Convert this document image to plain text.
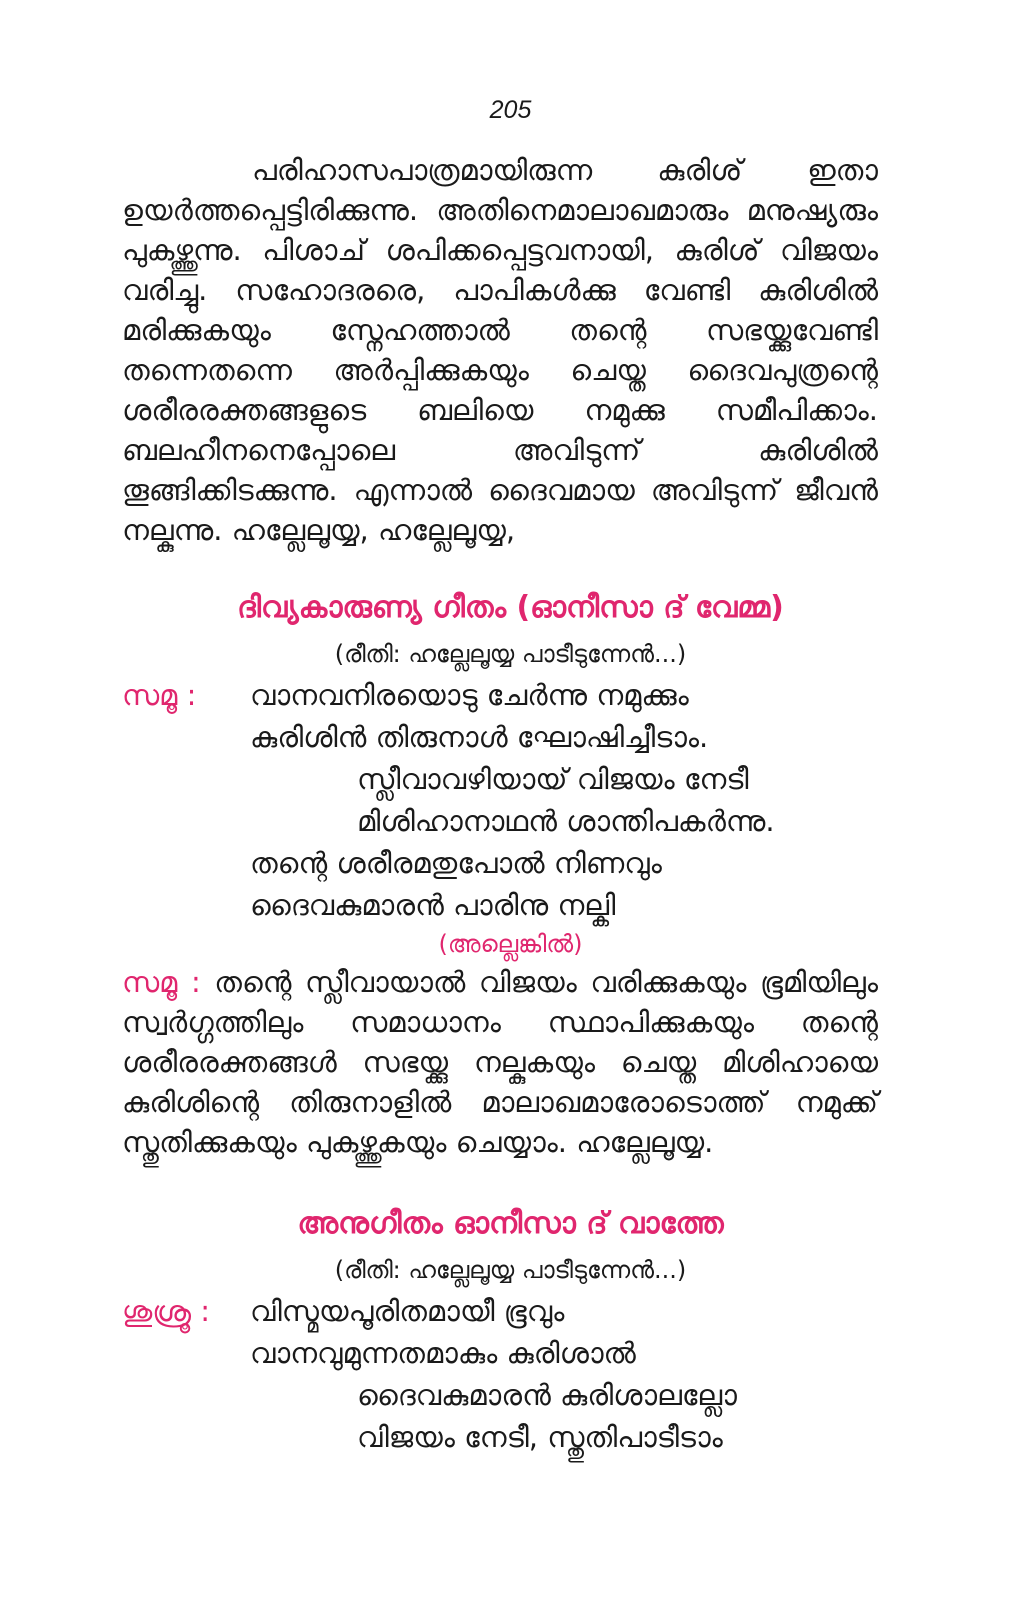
205
പരിഹാസപാത്രമായിരുന്ന കുരിശ് ഇതാ ഉയർത്തപ്പെട്ടിരിക്കുന്നു. അതിനെമാലാഖമാരും മനുഷ്യരും പുകഴ്ത്തുന്നു. പിശാച് ശപിക്കപ്പെട്ടവനായി, കുരിശ് വിജയം വരിച്ചു. സഹോദരരെ, പാപികൾക്കു വേണ്ടി കുരിശിൽ മരിക്കുകയും സ്നേഹത്താൽ തന്റെ സഭയ്ക്കുവേണ്ടി തന്നെതന്നെ അർപ്പിക്കുകയും ചെയ്ത ദൈവപുത്രന്റെ ശരീരരക്തങ്ങളുടെ ബലിയെ നമുക്കു സമീപിക്കാം. ബലഹീനനെപ്പോലെ അവിടുന്ന് കുരിശിൽ തൂങ്ങിക്കിടക്കുന്നു. എന്നാൽ ദൈവമായ അവിടുന്ന് ജീവൻ നല്കുന്നു. ഹല്ലേലൂയ്യ, ഹല്ലേലൂയ്യ,
ദിവ്യകാരുണ്യ ഗീതം (ഓനീസാ ദ് വേമ്മ)
(രീതി: ഹല്ലേലൂയ്യ പാടീടുന്നേൻ...)
സമൂ : വാനവനിരയൊടു ചേർന്നു നമുക്കും
കുരിശിൻ തിരുനാൾ ഘോഷിച്ചീടാം.
സ്ലീവാവഴിയായ് വിജയം നേടീ
മിശിഹാനാഥൻ ശാന്തിപകർന്നു.
തന്റെ ശരീരമതുപോൽ നിണവും
ദൈവകുമാരൻ പാരിനു നല്കി
(അല്ലെങ്കിൽ)
സമൂ : തന്റെ സ്ലീവായാൽ വിജയം വരിക്കുകയും ഭൂമിയിലും സ്വർഗ്ഗത്തിലും സമാധാനം സ്ഥാപിക്കുകയും തന്റെ ശരീരരക്തങ്ങൾ സഭയ്ക്കു നല്കുകയും ചെയ്ത മിശിഹായെ കുരിശിന്റെ തിരുനാളിൽ മാലാഖമാരോടൊത്ത് നമുക്ക് സ്തുതിക്കുകയും പുകഴ്ത്തുകയും ചെയ്യാം. ഹല്ലേലൂയ്യ.
അനുഗീതം ഓനീസാ ദ് വാത്തേ
(രീതി: ഹല്ലേലൂയ്യ പാടീടുന്നേൻ...)
ശുശ്രൂ : വിസ്മയപൂരിതമായീ ഭൂവും
വാനവുമുന്നതമാകും കുരിശാൽ
ദൈവകുമാരൻ കുരിശാലല്ലോ
വിജയം നേടീ, സ്തുതിപാടീടാം
